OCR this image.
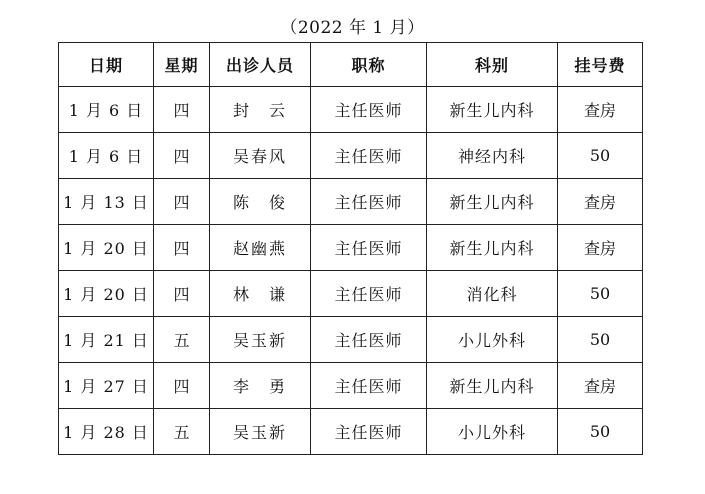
（2022 年 1 月）
日期	星期	出诊人员	职称	科别	挂号费
1 月 6 日	四	封　云	主任医师	新生儿内科	查房
1 月 6 日	四	吴春风	主任医师	神经内科	50
1 月 13 日	四	陈　俊	主任医师	新生儿内科	查房
1 月 20 日	四	赵幽燕	主任医师	新生儿内科	查房
1 月 20 日	四	林　谦	主任医师	消化科	50
1 月 21 日	五	吴玉新	主任医师	小儿外科	50
1 月 27 日	四	李　勇	主任医师	新生儿内科	查房
1 月 28 日	五	吴玉新	主任医师	小儿外科	50
